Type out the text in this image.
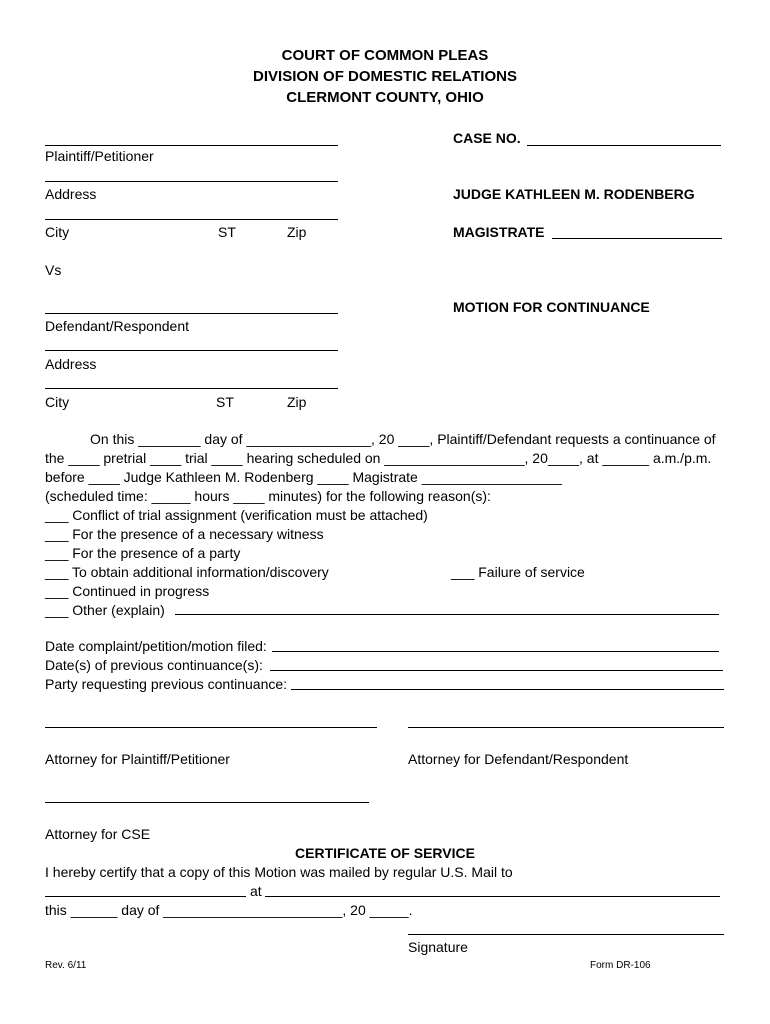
COURT OF COMMON PLEAS
DIVISION OF DOMESTIC RELATIONS
CLERMONT COUNTY, OHIO
Plaintiff/Petitioner
Address
City	ST	Zip
Vs
Defendant/Respondent
Address
City	ST	Zip
CASE NO.
JUDGE KATHLEEN M. RODENBERG
MAGISTRATE
MOTION FOR CONTINUANCE
On this ________ day of ________________, 20 ____, Plaintiff/Defendant requests a continuance of
the ____ pretrial ____ trial ____ hearing scheduled on __________________, 20____, at ______ a.m./p.m.
before ____ Judge Kathleen M. Rodenberg ____ Magistrate __________________
(scheduled time: _____ hours ____ minutes) for the following reason(s):
___ Conflict of trial assignment (verification must be attached)
___ For the presence of a necessary witness
___ For the presence of a party
___ To obtain additional information/discovery	___ Failure of service
___ Continued in progress
___ Other (explain)
Date complaint/petition/motion filed:
Date(s) of previous continuance(s):
Party requesting previous continuance:
Attorney for Plaintiff/Petitioner	Attorney for Defendant/Respondent
Attorney for CSE
CERTIFICATE OF SERVICE
I hereby certify that a copy of this Motion was mailed by regular U.S. Mail to
at
this ______ day of _______________________, 20 _____.
Signature
Rev. 6/11	Form DR-106
